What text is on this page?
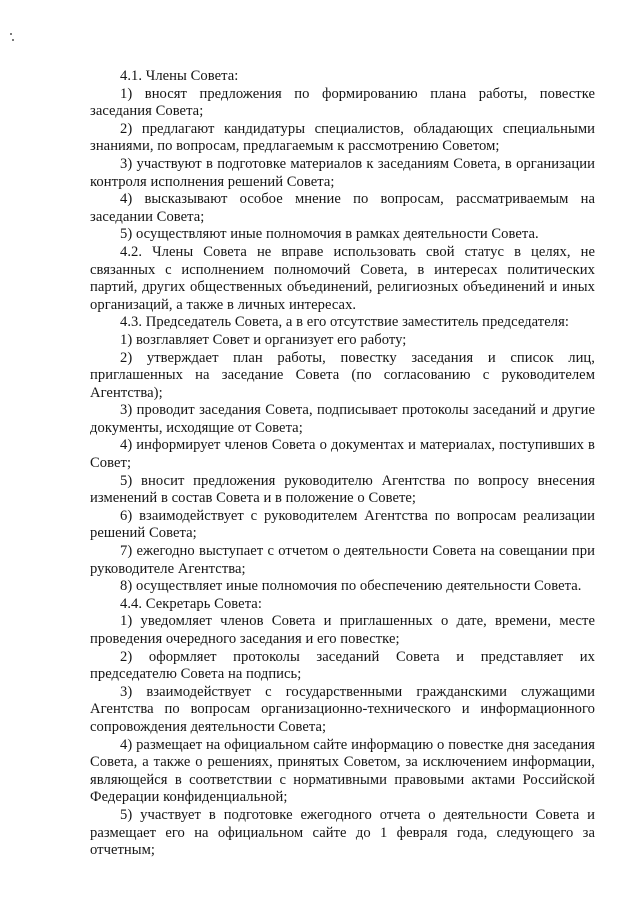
4.1. Члены Совета:

1) вносят предложения по формированию плана работы, повестке заседания Совета;

2) предлагают кандидатуры специалистов, обладающих специальными знаниями, по вопросам, предлагаемым к рассмотрению Советом;

3) участвуют в подготовке материалов к заседаниям Совета, в организации контроля исполнения решений Совета;

4) высказывают особое мнение по вопросам, рассматриваемым на заседании Совета;

5) осуществляют иные полномочия в рамках деятельности Совета.

4.2. Члены Совета не вправе использовать свой статус в целях, не связанных с исполнением полномочий Совета, в интересах политических партий, других общественных объединений, религиозных объединений и иных организаций, а также в личных интересах.

4.3. Председатель Совета, а в его отсутствие заместитель председателя:

1) возглавляет Совет и организует его работу;

2) утверждает план работы, повестку заседания и список лиц, приглашенных на заседание Совета (по согласованию с руководителем Агентства);

3) проводит заседания Совета, подписывает протоколы заседаний и другие документы, исходящие от Совета;

4) информирует членов Совета о документах и материалах, поступивших в Совет;

5) вносит предложения руководителю Агентства по вопросу внесения изменений в состав Совета и в положение о Совете;

6) взаимодействует с руководителем Агентства по вопросам реализации решений Совета;

7) ежегодно выступает с отчетом о деятельности Совета на совещании при руководителе Агентства;

8) осуществляет иные полномочия по обеспечению деятельности Совета.

4.4. Секретарь Совета:

1) уведомляет членов Совета и приглашенных о дате, времени, месте проведения очередного заседания и его повестке;

2) оформляет протоколы заседаний Совета и представляет их председателю Совета на подпись;

3) взаимодействует с государственными гражданскими служащими Агентства по вопросам организационно-технического и информационного сопровождения деятельности Совета;

4) размещает на официальном сайте информацию о повестке дня заседания Совета, а также о решениях, принятых Советом, за исключением информации, являющейся в соответствии с нормативными правовыми актами Российской Федерации конфиденциальной;

5) участвует в подготовке ежегодного отчета о деятельности Совета и размещает его на официальном сайте до 1 февраля года, следующего за отчетным;
